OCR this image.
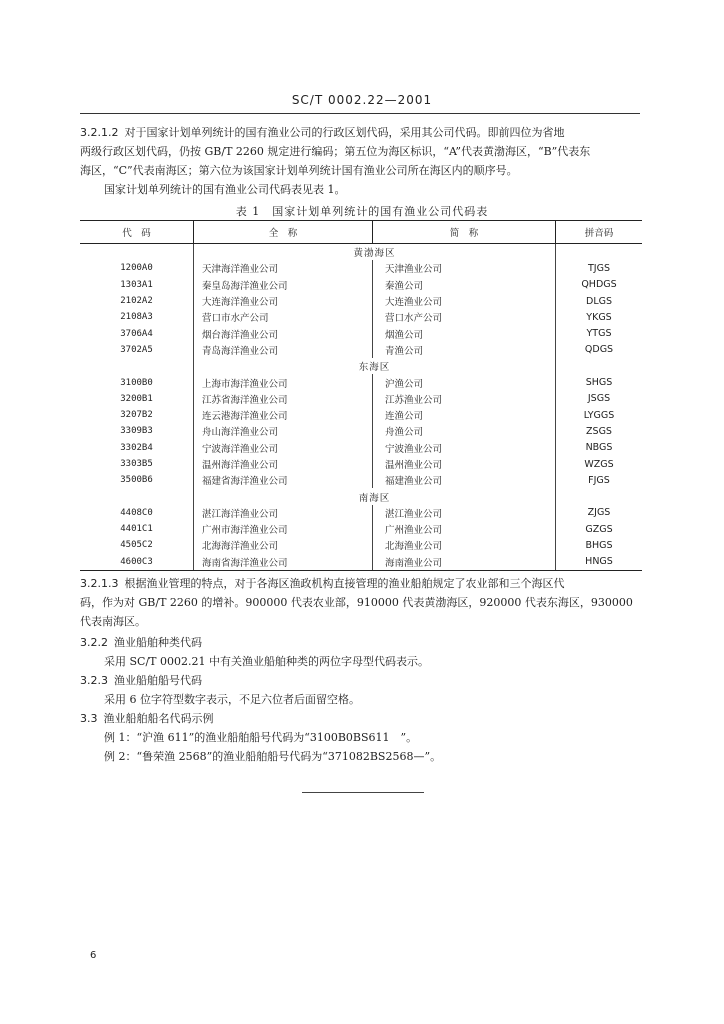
SC/T 0002.22—2001
3.2.1.2 对于国家计划单列统计的国有渔业公司的行政区划代码，采用其公司代码。即前四位为省地
两级行政区划代码，仍按 GB/T 2260 规定进行编码；第五位为海区标识，“A”代表黄渤海区，“B”代表东
海区，“C”代表南海区；第六位为该国家计划单列统计国有渔业公司所在海区内的顺序号。
国家计划单列统计的国有渔业公司代码表见表 1。
表 1　国家计划单列统计的国有渔业公司代码表
代　码	全　称	简　称	拼音码
	黄渤海区		
1200A0	天津海洋渔业公司	天津渔业公司	TJGS
1303A1	秦皇岛海洋渔业公司	秦渔公司	QHDGS
2102A2	大连海洋渔业公司	大连渔业公司	DLGS
2108A3	营口市水产公司	营口水产公司	YKGS
3706A4	烟台海洋渔业公司	烟渔公司	YTGS
3702A5	青岛海洋渔业公司	青渔公司	QDGS
	东海区		
3100B0	上海市海洋渔业公司	沪渔公司	SHGS
3200B1	江苏省海洋渔业公司	江苏渔业公司	JSGS
3207B2	连云港海洋渔业公司	连渔公司	LYGGS
3309B3	舟山海洋渔业公司	舟渔公司	ZSGS
3302B4	宁波海洋渔业公司	宁波渔业公司	NBGS
3303B5	温州海洋渔业公司	温州渔业公司	WZGS
3500B6	福建省海洋渔业公司	福建渔业公司	FJGS
	南海区		
4408C0	湛江海洋渔业公司	湛江渔业公司	ZJGS
4401C1	广州市海洋渔业公司	广州渔业公司	GZGS
4505C2	北海海洋渔业公司	北海渔业公司	BHGS
4600C3	海南省海洋渔业公司	海南渔业公司	HNGS
3.2.1.3 根据渔业管理的特点，对于各海区渔政机构直接管理的渔业船舶规定了农业部和三个海区代
码，作为对 GB/T 2260 的增补。900000 代表农业部，910000 代表黄渤海区，920000 代表东海区，930000
代表南海区。
3.2.2 渔业船舶种类代码
采用 SC/T 0002.21 中有关渔业船舶种类的两位字母型代码表示。
3.2.3 渔业船舶船号代码
采用 6 位字符型数字表示，不足六位者后面留空格。
3.3 渔业船舶船名代码示例
例 1：“沪渔 611”的渔业船舶船号代码为“3100B0BS611　”。
例 2：“鲁荣渔 2568”的渔业船舶船号代码为“371082BS2568—”。
6
